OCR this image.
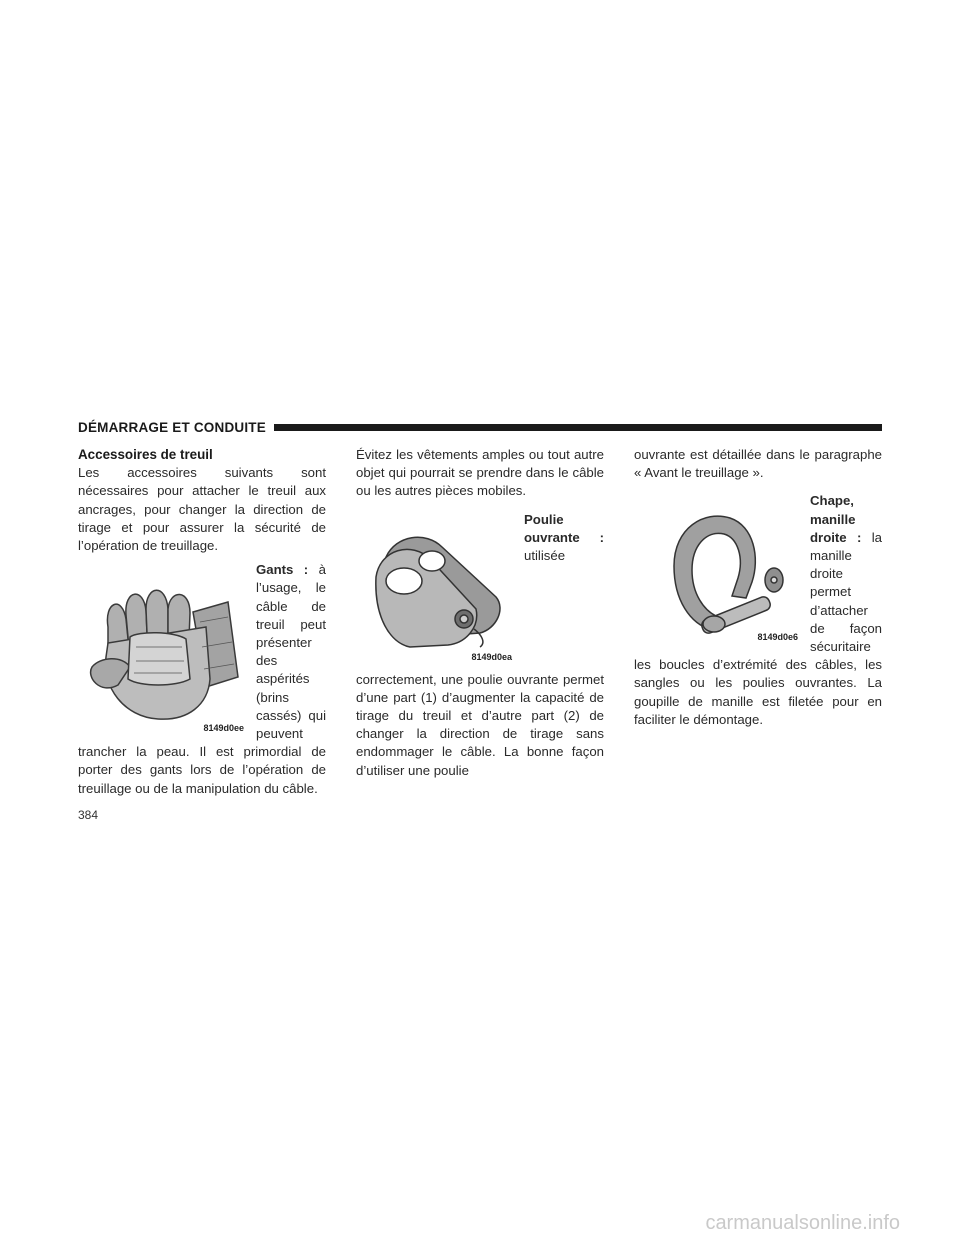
DÉMARRAGE ET CONDUITE

Accessoires de treuil

Les accessoires suivants sont nécessaires pour attacher le treuil aux ancrages, pour changer la direction de tirage et pour assurer la sécurité de l’opération de treuillage.

8149d0ee

Gants : à l’usage, le câble de treuil peut présenter des aspérités (brins cassés) qui peuvent trancher la peau. Il est primordial de porter des gants lors de l’opération de treuillage ou de la manipulation du câble.

Évitez les vêtements amples ou tout autre objet qui pourrait se prendre dans le câble ou les autres pièces mobiles.

8149d0ea

Poulie ouvrante : utilisée correctement, une poulie ouvrante permet d’une part (1) d’augmenter la capacité de tirage du treuil et d’autre part (2) de changer la direction de tirage sans endommager le câble. La bonne façon d’utiliser une poulie

ouvrante est détaillée dans le paragraphe « Avant le treuillage ».

8149d0e6

Chape, manille droite : la manille droite permet d’attacher de façon sécuritaire les boucles d’extrémité des câbles, les sangles ou les poulies ouvrantes. La goupille de manille est filetée pour en faciliter le démontage.

384
carmanualsonline.info
